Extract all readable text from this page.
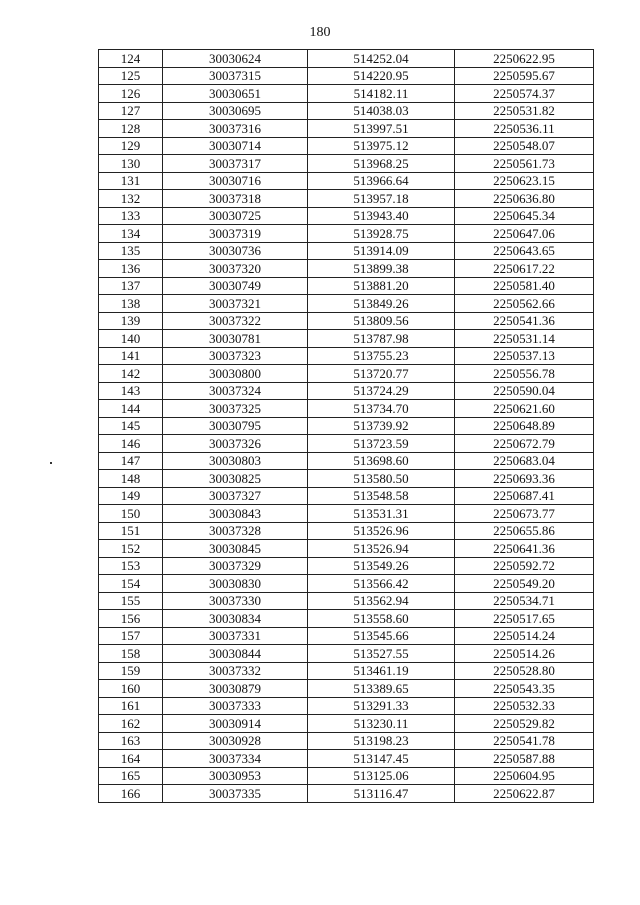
180
124	30030624	514252.04	2250622.95
125	30037315	514220.95	2250595.67
126	30030651	514182.11	2250574.37
127	30030695	514038.03	2250531.82
128	30037316	513997.51	2250536.11
129	30030714	513975.12	2250548.07
130	30037317	513968.25	2250561.73
131	30030716	513966.64	2250623.15
132	30037318	513957.18	2250636.80
133	30030725	513943.40	2250645.34
134	30037319	513928.75	2250647.06
135	30030736	513914.09	2250643.65
136	30037320	513899.38	2250617.22
137	30030749	513881.20	2250581.40
138	30037321	513849.26	2250562.66
139	30037322	513809.56	2250541.36
140	30030781	513787.98	2250531.14
141	30037323	513755.23	2250537.13
142	30030800	513720.77	2250556.78
143	30037324	513724.29	2250590.04
144	30037325	513734.70	2250621.60
145	30030795	513739.92	2250648.89
146	30037326	513723.59	2250672.79
147	30030803	513698.60	2250683.04
148	30030825	513580.50	2250693.36
149	30037327	513548.58	2250687.41
150	30030843	513531.31	2250673.77
151	30037328	513526.96	2250655.86
152	30030845	513526.94	2250641.36
153	30037329	513549.26	2250592.72
154	30030830	513566.42	2250549.20
155	30037330	513562.94	2250534.71
156	30030834	513558.60	2250517.65
157	30037331	513545.66	2250514.24
158	30030844	513527.55	2250514.26
159	30037332	513461.19	2250528.80
160	30030879	513389.65	2250543.35
161	30037333	513291.33	2250532.33
162	30030914	513230.11	2250529.82
163	30030928	513198.23	2250541.78
164	30037334	513147.45	2250587.88
165	30030953	513125.06	2250604.95
166	30037335	513116.47	2250622.87
